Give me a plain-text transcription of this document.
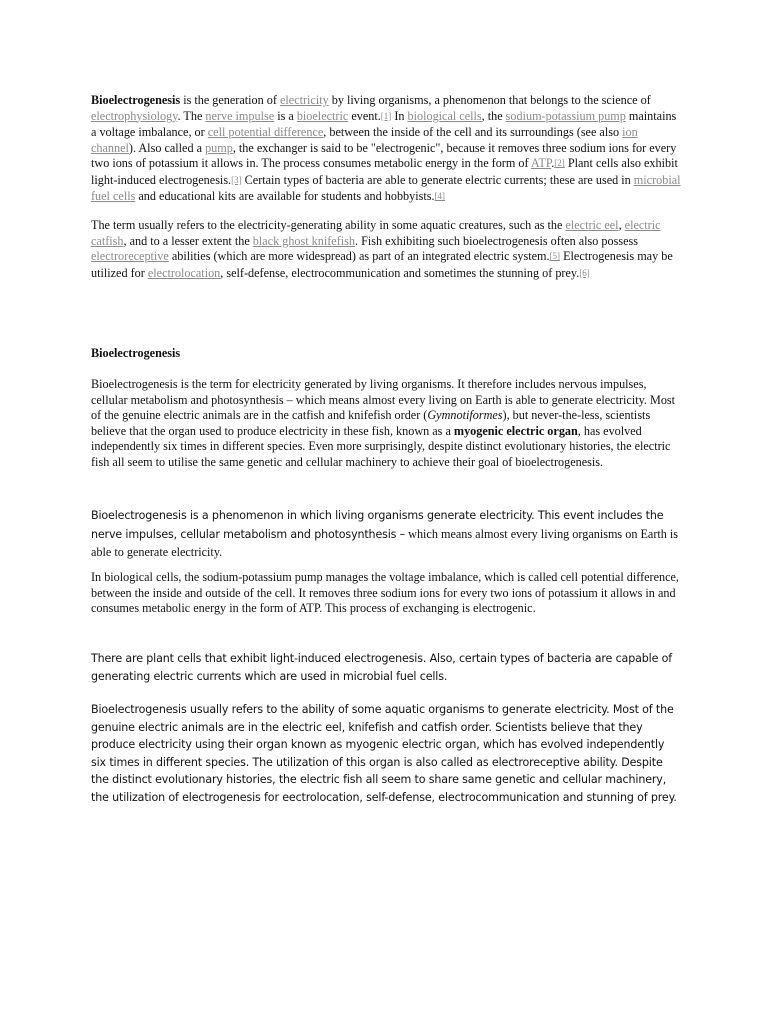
Bioelectrogenesis is the generation of electricity by living organisms, a phenomenon that belongs to the science of electrophysiology. The nerve impulse is a bioelectric event.[1] In biological cells, the sodium-potassium pump maintains a voltage imbalance, or cell potential difference, between the inside of the cell and its surroundings (see also ion channel). Also called a pump, the exchanger is said to be "electrogenic", because it removes three sodium ions for every two ions of potassium it allows in. The process consumes metabolic energy in the form of ATP.[2] Plant cells also exhibit light-induced electrogenesis.[3] Certain types of bacteria are able to generate electric currents; these are used in microbial fuel cells and educational kits are available for students and hobbyists.[4]

The term usually refers to the electricity-generating ability in some aquatic creatures, such as the electric eel, electric catfish, and to a lesser extent the black ghost knifefish. Fish exhibiting such bioelectrogenesis often also possess electroreceptive abilities (which are more widespread) as part of an integrated electric system.[5] Electrogenesis may be utilized for electrolocation, self-defense, electrocommunication and sometimes the stunning of prey.[6]

Bioelectrogenesis

Bioelectrogenesis is the term for electricity generated by living organisms. It therefore includes nervous impulses, cellular metabolism and photosynthesis – which means almost every living on Earth is able to generate electricity. Most of the genuine electric animals are in the catfish and knifefish order (Gymnotiformes), but never-the-less, scientists believe that the organ used to produce electricity in these fish, known as a myogenic electric organ, has evolved independently six times in different species. Even more surprisingly, despite distinct evolutionary histories, the electric fish all seem to utilise the same genetic and cellular machinery to achieve their goal of bioelectrogenesis.

Bioelectrogenesis is a phenomenon in which living organisms generate electricity. This event includes the nerve impulses, cellular metabolism and photosynthesis – which means almost every living organisms on Earth is able to generate electricity.

In biological cells, the sodium-potassium pump manages the voltage imbalance, which is called cell potential difference, between the inside and outside of the cell. It removes three sodium ions for every two ions of potassium it allows in and consumes metabolic energy in the form of ATP. This process of exchanging is electrogenic.

There are plant cells that exhibit light-induced electrogenesis. Also, certain types of bacteria are capable of generating electric currents which are used in microbial fuel cells.

Bioelectrogenesis usually refers to the ability of some aquatic organisms to generate electricity. Most of the genuine electric animals are in the electric eel, knifefish and catfish order. Scientists believe that they produce electricity using their organ known as myogenic electric organ, which has evolved independently six times in different species. The utilization of this organ is also called as electroreceptive ability. Despite the distinct evolutionary histories, the electric fish all seem to share same genetic and cellular machinery, the utilization of electrogenesis for eectrolocation, self-defense, electrocommunication and stunning of prey.
